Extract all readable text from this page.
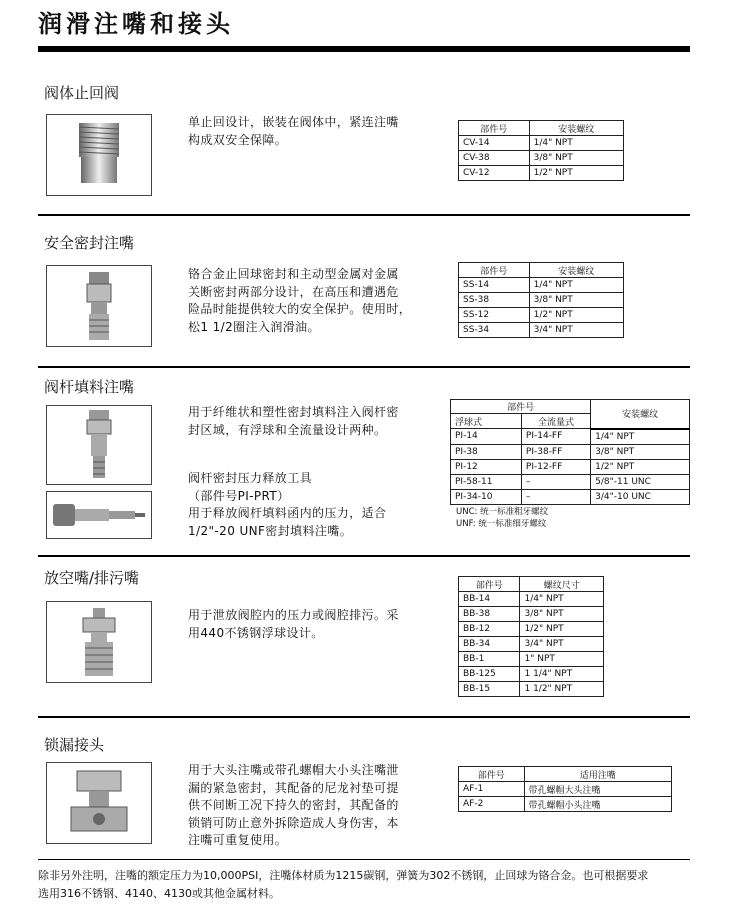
润滑注嘴和接头
阀体止回阀
单止回设计，嵌装在阀体中，紧连注嘴
构成双安全保障。
部件号	安装螺纹
CV-14	1/4" NPT
CV-38	3/8" NPT
CV-12	1/2" NPT
安全密封注嘴
铬合金止回球密封和主动型金属对金属
关断密封两部分设计，在高压和遭遇危
险品时能提供较大的安全保护。使用时，
松1 1/2圈注入润滑油。
部件号	安装螺纹
SS-14	1/4" NPT
SS-38	3/8" NPT
SS-12	1/2" NPT
SS-34	3/4" NPT
阀杆填料注嘴
用于纤维状和塑性密封填料注入阀杆密
封区域，有浮球和全流量设计两种。
阀杆密封压力释放工具
（部件号PI-PRT）
用于释放阀杆填料函内的压力，适合
1/2"-20 UNF密封填料注嘴。
部件号		安装螺纹
浮球式	全流量式	
PI-14	PI-14-FF	1/4" NPT
PI-38	PI-38-FF	3/8" NPT
PI-12	PI-12-FF	1/2" NPT
PI-58-11	–	5/8"-11 UNC
PI-34-10	–	3/4"-10 UNC
UNC: 统一标准粗牙螺纹
UNF: 统一标准细牙螺纹
放空嘴/排污嘴
用于泄放阀腔内的压力或阀腔排污。采
用440不锈钢浮球设计。
部件号	螺纹尺寸
BB-14	1/4" NPT
BB-38	3/8" NPT
BB-12	1/2" NPT
BB-34	3/4" NPT
BB-1	1" NPT
BB-125	1 1/4" NPT
BB-15	1 1/2" NPT
锁漏接头
用于大头注嘴或带孔螺帽大小头注嘴泄
漏的紧急密封，其配备的尼龙衬垫可提
供不间断工况下持久的密封，其配备的
锁销可防止意外拆除造成人身伤害，本
注嘴可重复使用。
部件号	适用注嘴
AF-1	带孔螺帽大头注嘴
AF-2	带孔螺帽小头注嘴
除非另外注明，注嘴的额定压力为10,000PSI，注嘴体材质为1215碳钢，弹簧为302不锈钢，止回球为铬合金。也可根据要求
选用316不锈钢、4140、4130或其他金属材料。
